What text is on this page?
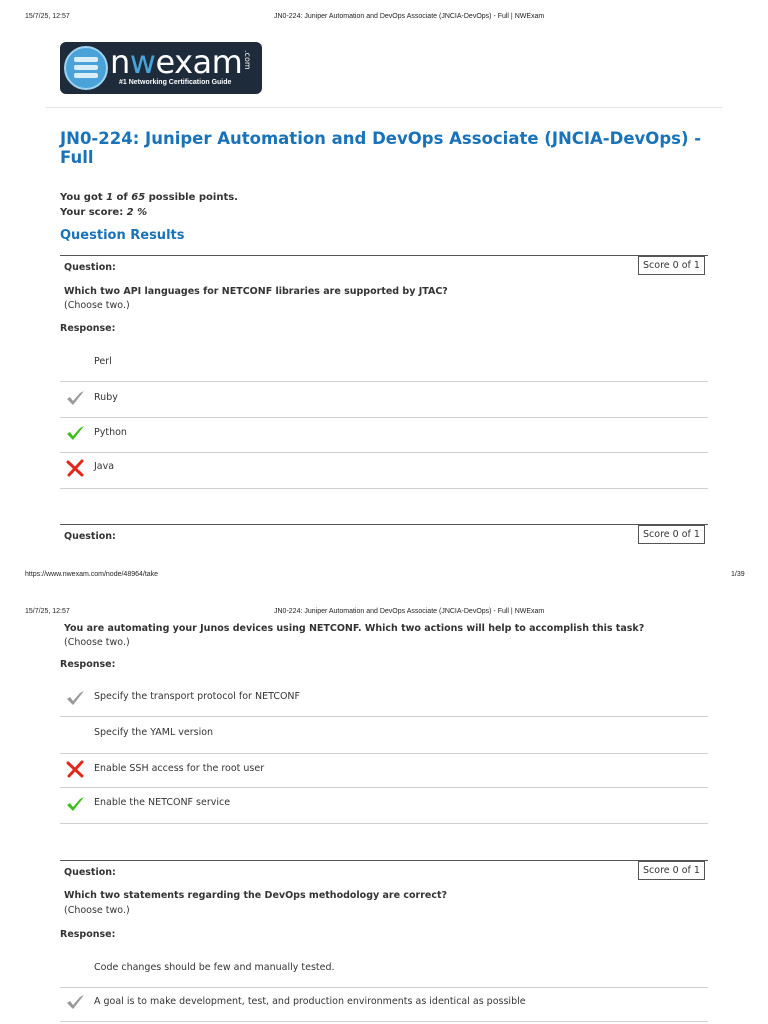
15/7/25, 12:57	JN0-224: Juniper Automation and DevOps Associate (JNCIA-DevOps) - Full | NWExam
nwexam .com
#1 Networking Certification Guide
JN0-224: Juniper Automation and DevOps Associate (JNCIA-DevOps) - Full
You got 1 of 65 possible points.
Your score: 2 %
Question Results
Question:	Score 0 of 1
Which two API languages for NETCONF libraries are supported by JTAC?
(Choose two.)
Response:
Perl
Ruby
Python
Java
Question:	Score 0 of 1
https://www.nwexam.com/node/48964/take	1/39
15/7/25, 12:57	JN0-224: Juniper Automation and DevOps Associate (JNCIA-DevOps) - Full | NWExam
You are automating your Junos devices using NETCONF. Which two actions will help to accomplish this task?
(Choose two.)
Response:
Specify the transport protocol for NETCONF
Specify the YAML version
Enable SSH access for the root user
Enable the NETCONF service
Question:	Score 0 of 1
Which two statements regarding the DevOps methodology are correct?
(Choose two.)
Response:
Code changes should be few and manually tested.
A goal is to make development, test, and production environments as identical as possible
